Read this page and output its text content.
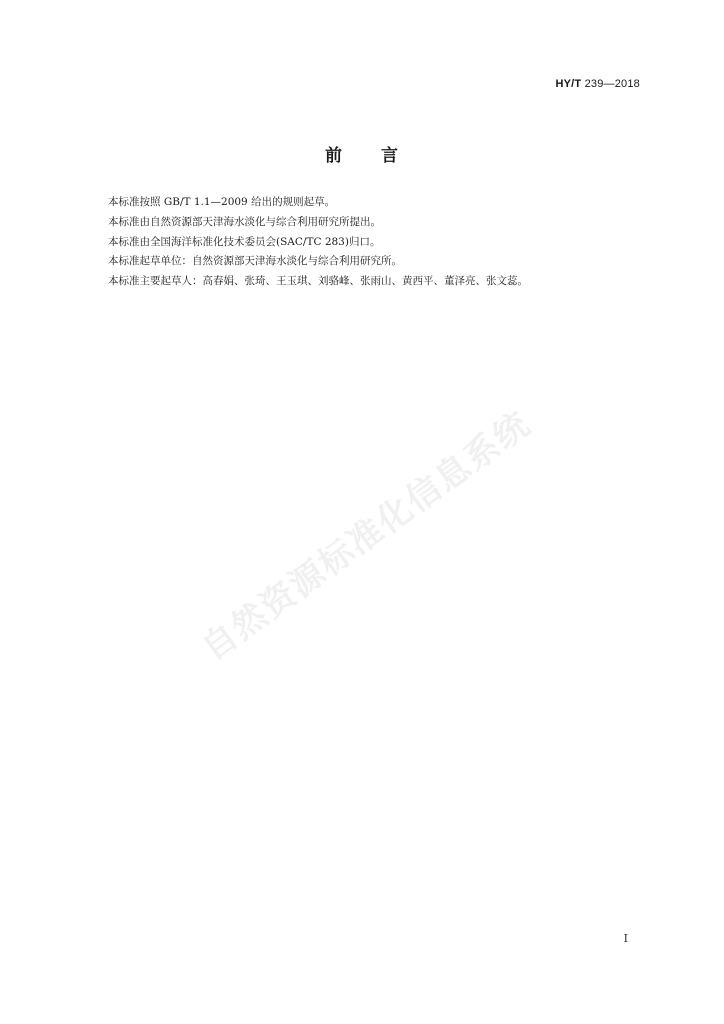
HY/T 239—2018
前 言

本标准按照 GB/T 1.1—2009 给出的规则起草。

本标准由自然资源部天津海水淡化与综合利用研究所提出。

本标准由全国海洋标准化技术委员会(SAC/TC 283)归口。

本标准起草单位：自然资源部天津海水淡化与综合利用研究所。

本标准主要起草人：高春娟、张琦、王玉琪、刘骆峰、张雨山、黄西平、董泽亮、张文蕊。

自然资源标准化信息系统
I
